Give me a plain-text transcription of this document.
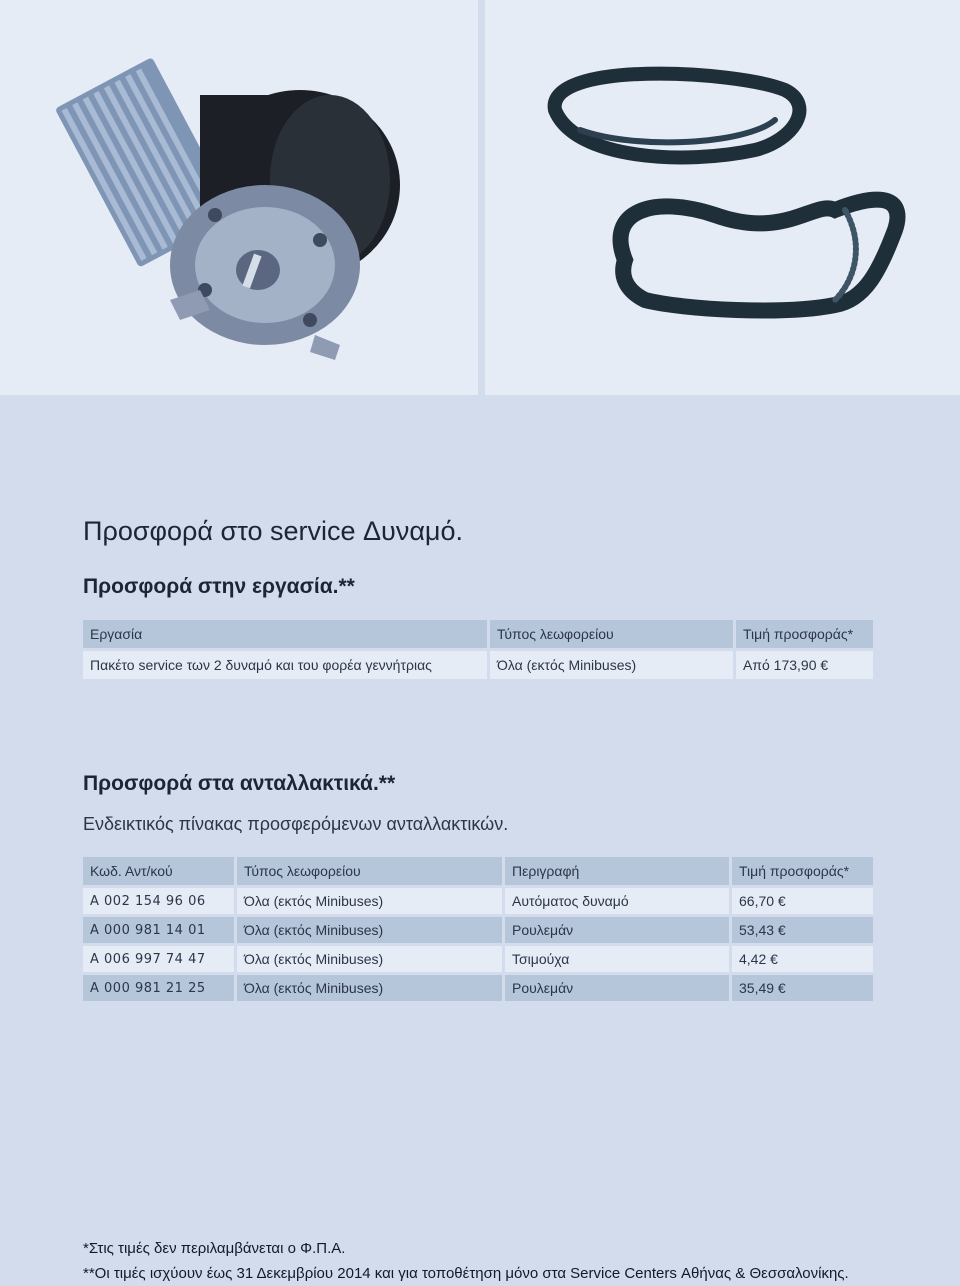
Προσφορά στο service Δυναμό.
Προσφορά στην εργασία.**
Εργασία	Τύπος λεωφορείου	Τιμή προσφοράς*
Πακέτο service των 2 δυναμό και του φορέα γεννήτριας	Όλα (εκτός Minibuses)	Από 173,90 €
Προσφορά στα ανταλλακτικά.**
Ενδεικτικός πίνακας προσφερόμενων ανταλλακτικών.
Κωδ. Αντ/κού	Τύπος λεωφορείου	Περιγραφή	Τιμή προσφοράς*
A 002 154 96 06	Όλα (εκτός Minibuses)	Αυτόματος δυναμό	66,70 €
A 000 981 14 01	Όλα (εκτός Minibuses)	Ρουλεμάν	53,43 €
A 006 997 74 47	Όλα (εκτός Minibuses)	Τσιμούχα	4,42 €
A 000 981 21 25	Όλα (εκτός Minibuses)	Ρουλεμάν	35,49 €
*Στις τιμές δεν περιλαμβάνεται ο Φ.Π.Α.
**Οι τιμές ισχύουν έως 31 Δεκεμβρίου 2014 και για τοποθέτηση μόνο στα Service Centers Αθήνας & Θεσσαλονίκης.
